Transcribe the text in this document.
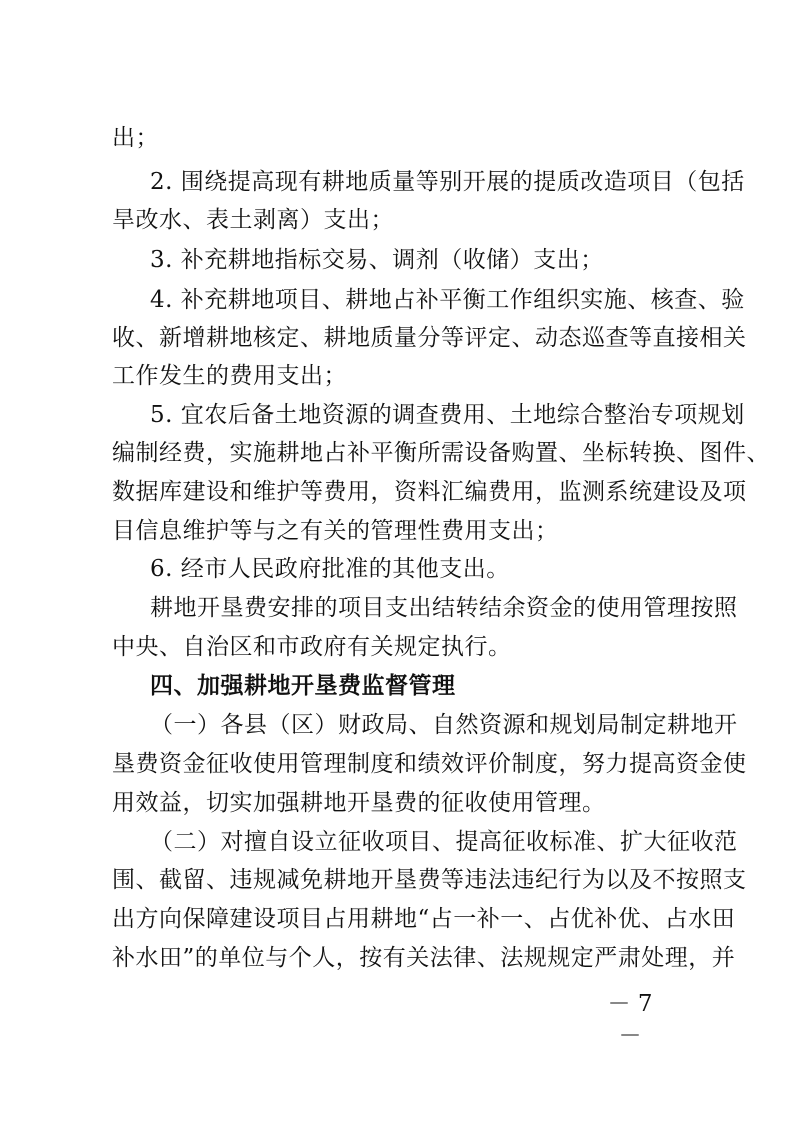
出；
2. 围绕提高现有耕地质量等别开展的提质改造项目（包括
旱改水、表土剥离）支出；
3. 补充耕地指标交易、调剂（收储）支出；
4. 补充耕地项目、耕地占补平衡工作组织实施、核查、验
收、新增耕地核定、耕地质量分等评定、动态巡查等直接相关
工作发生的费用支出；
5. 宜农后备土地资源的调查费用、土地综合整治专项规划
编制经费，实施耕地占补平衡所需设备购置、坐标转换、图件、
数据库建设和维护等费用，资料汇编费用，监测系统建设及项
目信息维护等与之有关的管理性费用支出；
6. 经市人民政府批准的其他支出。
耕地开垦费安排的项目支出结转结余资金的使用管理按照
中央、自治区和市政府有关规定执行。
四、加强耕地开垦费监督管理
（一）各县（区）财政局、自然资源和规划局制定耕地开
垦费资金征收使用管理制度和绩效评价制度，努力提高资金使
用效益，切实加强耕地开垦费的征收使用管理。
（二）对擅自设立征收项目、提高征收标准、扩大征收范
围、截留、违规减免耕地开垦费等违法违纪行为以及不按照支
出方向保障建设项目占用耕地“占一补一、占优补优、占水田
补水田”的单位与个人，按有关法律、法规规定严肃处理，并
－ 7 －
